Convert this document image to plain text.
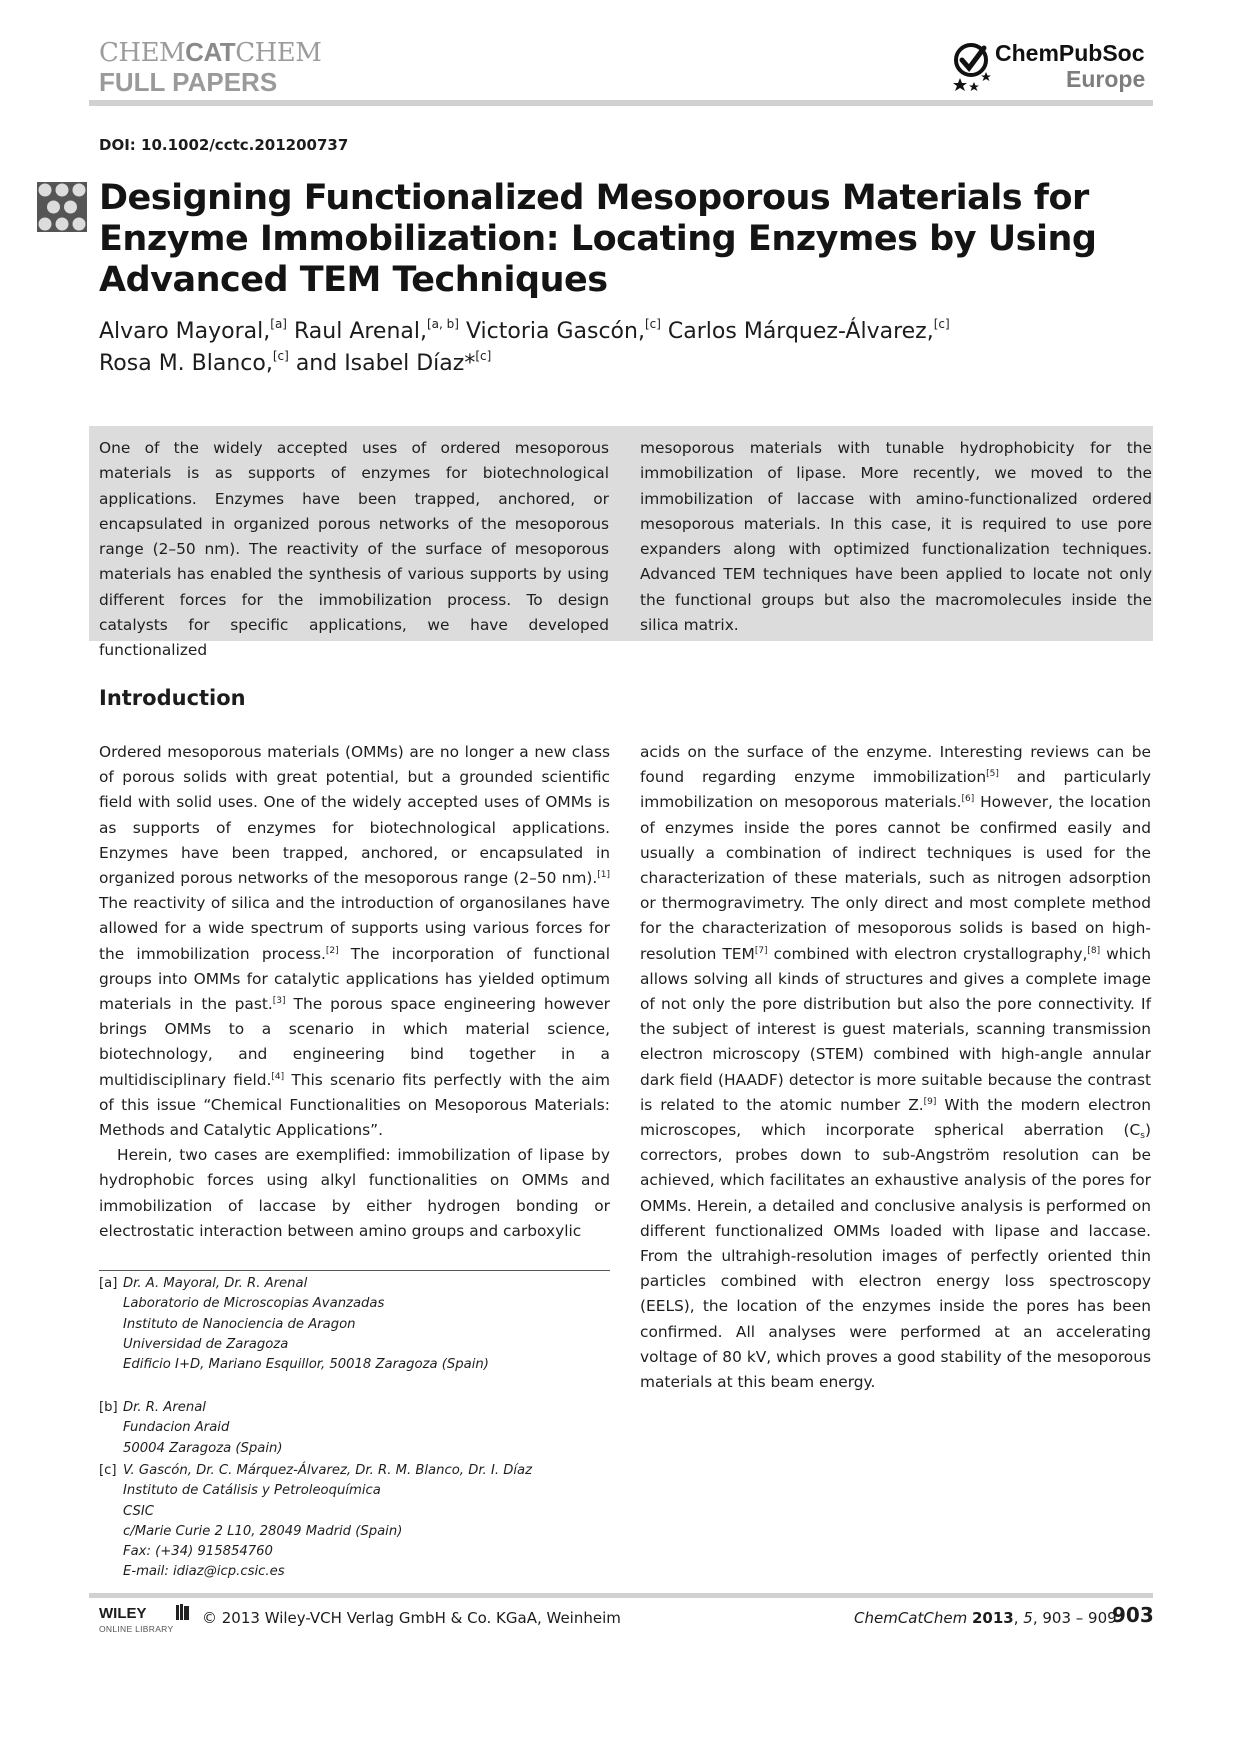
CHEMCATCHEM
FULL PAPERS
ChemPubSoc
Europe
DOI: 10.1002/cctc.201200737
Designing Functionalized Mesoporous Materials for Enzyme Immobilization: Locating Enzymes by Using Advanced TEM Techniques
Alvaro Mayoral,[a] Raul Arenal,[a, b] Victoria Gascón,[c] Carlos Márquez-Álvarez,[c]
Rosa M. Blanco,[c] and Isabel Díaz*[c]
One of the widely accepted uses of ordered mesoporous materials is as supports of enzymes for biotechnological applications. Enzymes have been trapped, anchored, or encapsulated in organized porous networks of the mesoporous range (2–50 nm). The reactivity of the surface of mesoporous materials has enabled the synthesis of various supports by using different forces for the immobilization process. To design catalysts for specific applications, we have developed functionalized
mesoporous materials with tunable hydrophobicity for the immobilization of lipase. More recently, we moved to the immobilization of laccase with amino-functionalized ordered mesoporous materials. In this case, it is required to use pore expanders along with optimized functionalization techniques. Advanced TEM techniques have been applied to locate not only the functional groups but also the macromolecules inside the silica matrix.
Introduction

Ordered mesoporous materials (OMMs) are no longer a new class of porous solids with great potential, but a grounded scientific field with solid uses. One of the widely accepted uses of OMMs is as supports of enzymes for biotechnological applications. Enzymes have been trapped, anchored, or encapsulated in organized porous networks of the mesoporous range (2–50 nm).[1] The reactivity of silica and the introduction of organosilanes have allowed for a wide spectrum of supports using various forces for the immobilization process.[2] The incorporation of functional groups into OMMs for catalytic applications has yielded optimum materials in the past.[3] The porous space engineering however brings OMMs to a scenario in which material science, biotechnology, and engineering bind together in a multidisciplinary field.[4] This scenario fits perfectly with the aim of this issue “Chemical Functionalities on Mesoporous Materials: Methods and Catalytic Applications”.

Herein, two cases are exemplified: immobilization of lipase by hydrophobic forces using alkyl functionalities on OMMs and immobilization of laccase by either hydrogen bonding or electrostatic interaction between amino groups and carboxylic

acids on the surface of the enzyme. Interesting reviews can be found regarding enzyme immobilization[5] and particularly immobilization on mesoporous materials.[6] However, the location of enzymes inside the pores cannot be confirmed easily and usually a combination of indirect techniques is used for the characterization of these materials, such as nitrogen adsorption or thermogravimetry. The only direct and most complete method for the characterization of mesoporous solids is based on high-resolution TEM[7] combined with electron crystallography,[8] which allows solving all kinds of structures and gives a complete image of not only the pore distribution but also the pore connectivity. If the subject of interest is guest materials, scanning transmission electron microscopy (STEM) combined with high-angle annular dark field (HAADF) detector is more suitable because the contrast is related to the atomic number Z.[9] With the modern electron microscopes, which incorporate spherical aberration $(C_s)$ correctors, probes down to sub-Angström resolution can be achieved, which facilitates an exhaustive analysis of the pores for OMMs. Herein, a detailed and conclusive analysis is performed on different functionalized OMMs loaded with lipase and laccase. From the ultrahigh-resolution images of perfectly oriented thin particles combined with electron energy loss spectroscopy (EELS), the location of the enzymes inside the pores has been confirmed. All analyses were performed at an accelerating voltage of 80 kV, which proves a good stability of the mesoporous materials at this beam energy.

[a] Dr. A. Mayoral, Dr. R. Arenal
Laboratorio de Microscopias Avanzadas
Instituto de Nanociencia de Aragon
Universidad de Zaragoza
Edificio I+D, Mariano Esquillor, 50018 Zaragoza (Spain)
[b] Dr. R. Arenal
Fundacion Araid
50004 Zaragoza (Spain)
[c] V. Gascón, Dr. C. Márquez-Álvarez, Dr. R. M. Blanco, Dr. I. Díaz
Instituto de Catálisis y Petroleoquímica
CSIC
c/Marie Curie 2 L10, 28049 Madrid (Spain)
Fax: (+34) 915854760
E-mail: idiaz@icp.csic.es
WILEY
ONLINE LIBRARY
© 2013 Wiley-VCH Verlag GmbH & Co. KGaA, Weinheim	ChemCatChem 2013, 5, 903 – 909
903
